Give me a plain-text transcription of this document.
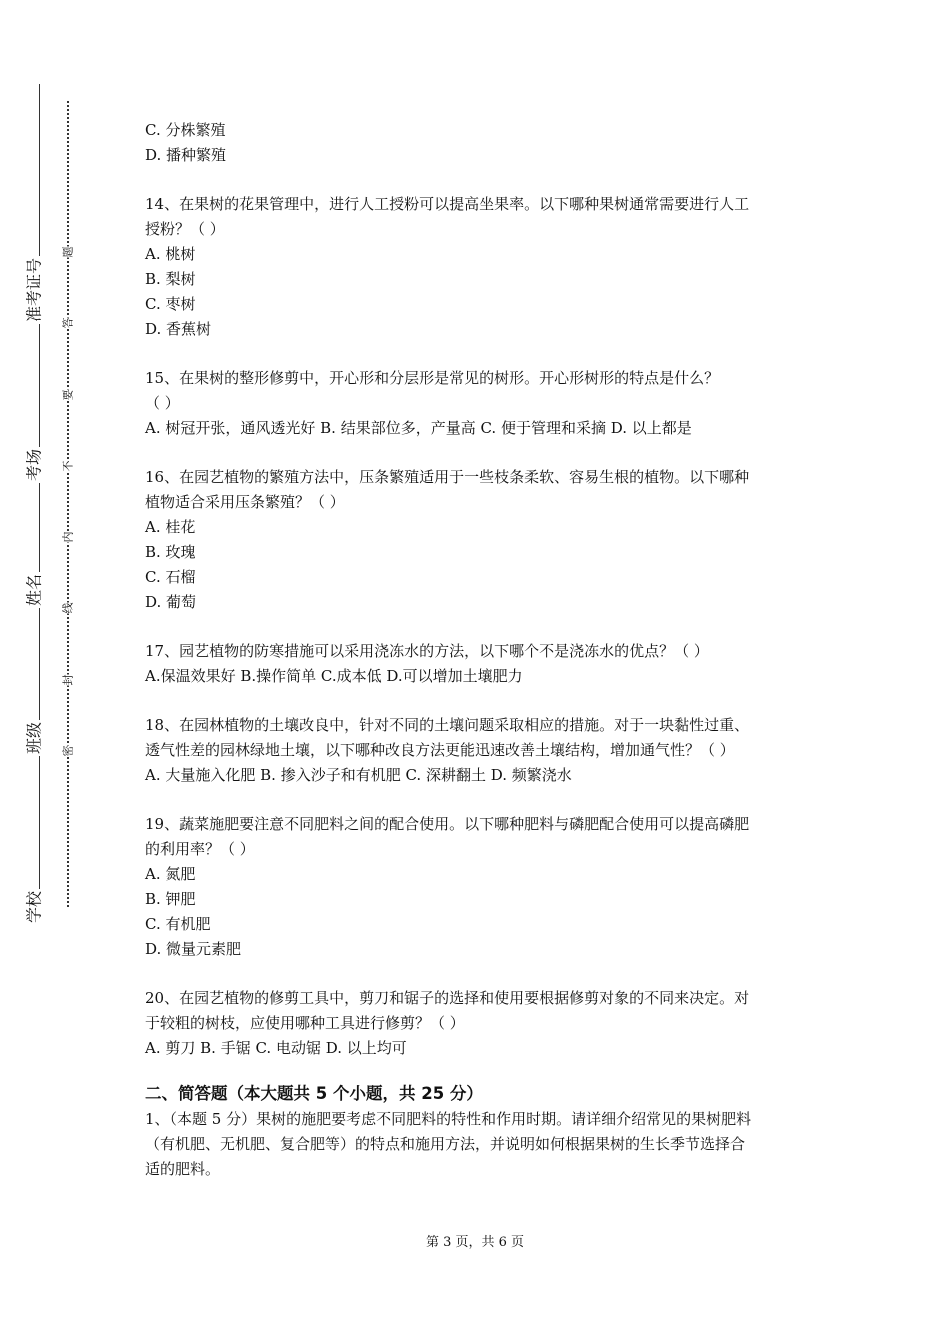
准考证号
考场
姓名
班级
学校
题
答
要
不
内
线
封
密
C. 分株繁殖
D. 播种繁殖
14、在果树的花果管理中，进行人工授粉可以提高坐果率。以下哪种果树通常需要进行人工
授粉？（ ）
A. 桃树
B. 梨树
C. 枣树
D. 香蕉树
15、在果树的整形修剪中，开心形和分层形是常见的树形。开心形树形的特点是什么？
（ ）
A. 树冠开张，通风透光好 B. 结果部位多，产量高 C. 便于管理和采摘 D. 以上都是
16、在园艺植物的繁殖方法中，压条繁殖适用于一些枝条柔软、容易生根的植物。以下哪种
植物适合采用压条繁殖？（ ）
A. 桂花
B. 玫瑰
C. 石榴
D. 葡萄
17、园艺植物的防寒措施可以采用浇冻水的方法，以下哪个不是浇冻水的优点？（ ）
A.保温效果好 B.操作简单 C.成本低 D.可以增加土壤肥力
18、在园林植物的土壤改良中，针对不同的土壤问题采取相应的措施。对于一块黏性过重、
透气性差的园林绿地土壤，以下哪种改良方法更能迅速改善土壤结构，增加通气性？（ ）
A. 大量施入化肥 B. 掺入沙子和有机肥 C. 深耕翻土 D. 频繁浇水
19、蔬菜施肥要注意不同肥料之间的配合使用。以下哪种肥料与磷肥配合使用可以提高磷肥
的利用率？（ ）
A. 氮肥
B. 钾肥
C. 有机肥
D. 微量元素肥
20、在园艺植物的修剪工具中，剪刀和锯子的选择和使用要根据修剪对象的不同来决定。对
于较粗的树枝，应使用哪种工具进行修剪？（ ）
A. 剪刀 B. 手锯 C. 电动锯 D. 以上均可
二、简答题（本大题共 5 个小题，共 25 分）
1、（本题 5 分）果树的施肥要考虑不同肥料的特性和作用时期。请详细介绍常见的果树肥料
（有机肥、无机肥、复合肥等）的特点和施用方法，并说明如何根据果树的生长季节选择合
适的肥料。
第 3 页，共 6 页
